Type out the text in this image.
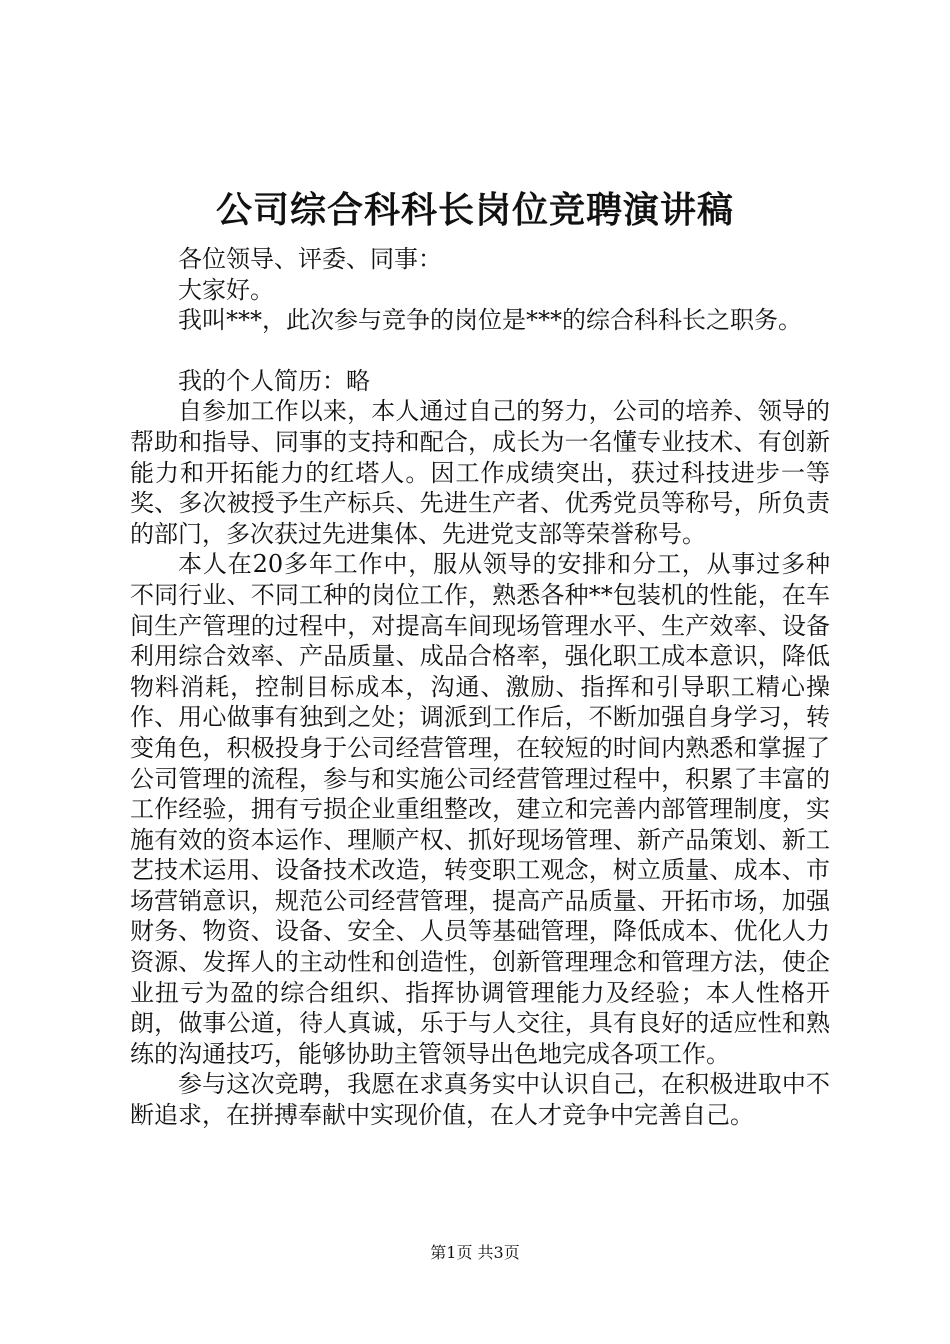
公司综合科科长岗位竞聘演讲稿

各位领导、评委、同事：

大家好。

我叫***，此次参与竞争的岗位是***的综合科科长之职务。

我的个人简历：略

自参加工作以来，本人通过自己的努力，公司的培养、领导的帮助和指导、同事的支持和配合，成长为一名懂专业技术、有创新能力和开拓能力的红塔人。因工作成绩突出，获过科技进步一等奖、多次被授予生产标兵、先进生产者、优秀党员等称号，所负责的部门，多次获过先进集体、先进党支部等荣誉称号。

本人在20多年工作中，服从领导的安排和分工，从事过多种不同行业、不同工种的岗位工作，熟悉各种**包装机的性能，在车间生产管理的过程中，对提高车间现场管理水平、生产效率、设备利用综合效率、产品质量、成品合格率，强化职工成本意识，降低物料消耗，控制目标成本，沟通、激励、指挥和引导职工精心操作、用心做事有独到之处；调派到工作后，不断加强自身学习，转变角色，积极投身于公司经营管理，在较短的时间内熟悉和掌握了公司管理的流程，参与和实施公司经营管理过程中，积累了丰富的工作经验，拥有亏损企业重组整改，建立和完善内部管理制度，实施有效的资本运作、理顺产权、抓好现场管理、新产品策划、新工艺技术运用、设备技术改造，转变职工观念，树立质量、成本、市场营销意识，规范公司经营管理，提高产品质量、开拓市场，加强财务、物资、设备、安全、人员等基础管理，降低成本、优化人力资源、发挥人的主动性和创造性，创新管理理念和管理方法，使企业扭亏为盈的综合组织、指挥协调管理能力及经验；本人性格开朗，做事公道，待人真诚，乐于与人交往，具有良好的适应性和熟练的沟通技巧，能够协助主管领导出色地完成各项工作。

参与这次竞聘，我愿在求真务实中认识自己，在积极进取中不断追求，在拼搏奉献中实现价值，在人才竞争中完善自己。

第1页 共3页
